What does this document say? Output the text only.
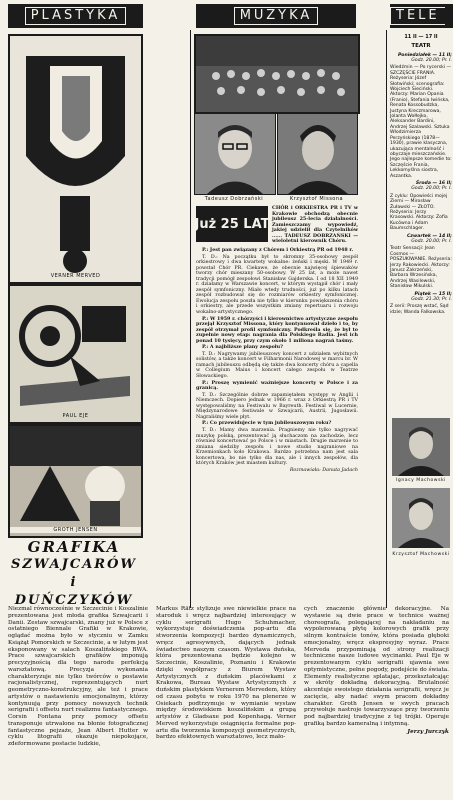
PLASTYKA	MUZYKA	TELE
VERNER MERVED
PAUL EJE
GROTH JENSEN
GRAFIKA
SZWAJCARÓW
i DUŃCZYKÓW
Tadeusz Dobrzański	Krzysztof Missona
Już 25 LAT
CHÓR i ORKIESTRA PR i TV w Krakowie obchodzą obecnie jubileusz 25-lecia działalności. Zamieszczamy wypowiedź, jakiej udzielił dla Czytelników ...... TADEUSZ DOBRZAŃSKI — wieloletni kierownik Chóru.

P.: Jest pan związany z Chórem i Orkiestrą PR od 1948 r.

T. D.: Na początku był to skromny 35-osobowy zespół orkiestrowy i dwa kwartety wokalne: żeński i męski. W 1949 r. powstał Chór PR. Ciekawe, że obecnie najwięcej śpiewaków tworzy chór mieszany 50-osobowy. W 25 lat, a może nawet tradycji pomógł zespołowi Stanisław Gajderska. I od 18 XII 1949 r. działamy w Warszawie koncert, w którym wystąpił chór i mały zespół symfoniczny. Miało wtedy trudności, już po kilku latach zespół rozbudował się do rozmiarów orkiestry symfonicznej. Ewolucja zespołu poszła nie tylko w kierunku powiększenia chóru i orkiestry, ale przede wszystkim zmiany repertuaru i rozwoju wokalno-artystycznego.

P.: W 1959 r. chórzyści i kierownictwo artystyczne zespołu przejął Krzysztof Missona, który kontynuował dzieło i to, by zespół otrzymał profil symfoniczny. Podkreśla się, że był to zupełnie nowy etap: nagrania dla Polskiego Radia. Jest ich ponad 10 tysięcy, przy czym około 1 miliona nagrań taśmy.

P.: A najbliższe plany zespołu?

T. D.: Nagrywamy jubileuszowy koncert z udziałem wybitnych solistów, a także koncert w Filharmonii Narodowej w marcu br. W ramach jubileuszu odbędą się także dwa koncerty chóru a capella w Collegium Maius i koncert całego zespołu w Teatrze Słowackiego.

P.: Proszę wymienić ważniejsze koncerty w Polsce i za granicą.

T. D.: Szczególnie dobrze zapamiętałem występy w Anglii i Niemczech. Dopiero jednak w 1966 r. wraz z Orkiestrą PR i TV występowaliśmy na Festiwalu w Bayreuth. Festiwal w Lucernie, Międzynarodowe festiwale w Szwajcarii, Austrii, Jugosławii. Nagraliśmy wiele płyt.

P.: Co przewidujecie w tym jubileuszowym roku?

T. D.: Mamy dwa marzenia. Pragniemy nie tylko nagrywać muzykę polską, prezentować ją słuchaczom na zachodzie, lecz również koncertować po Polsce i w miastach. Drugie marzenie to zmiana siedziby zespołu i nowe studio nagraniowe na Krzemionkach koło Krakowa. Bardzo potrzebna nam jest sala koncertowa, bo nie tylko dla nas, ale i innych zespołów, dla których Kraków jest miastem kultury.

Rozmawiała: Danuta Jadach

11 II — 17 II
TEATR

Poniedziałek — 11 II;

Godz. 20.00; Pr. I.

Wiedźmin — Po rycerski — SZCZĘŚCIE FRANIA. Reżyseria: Józef Słotwiński; scenografia: Wojciech Sieciński. Aktorzy: Marian Opania (Franio), Stefania Iwińska, Renata Kossobudzka, Justyna Kreczmarowa, Jolanta Wołłejko, Aleksander Bardini, Andrzej Szalawski. Sztuka Włodzimierza Perzyńskiego (1878—1930), prawie klasyczna, ukazująca mentalność i obyczaje mieszczańskie. Jego najlepsze komedie to: Szczęście Frania, Lekkomyślna siostra, Aszantka.

Środa — 16 II;

Godz. 20.00; Pr. I.

Z cyklu: Opowieści mojej Ziemi — Mirosław Żuławski — ZŁOTO. Reżyseria: Jerzy Krasowski. Aktorzy: Zofia Kucówna i Adam Baumschlager.

Czwartek — 14 II;

Godz. 20.00; Pr. I.

Teatr Sensacji: Jean Cosmos — POSZUKIWANIE. Reżyseria: Jerzy Rakowiecki. Aktorzy: Janusz Zakrzeński, Barbara Wrzesińska, Andrzej Wasilewski, Stanisław Mikulski.

Piątek — 15 II;

Godz. 21.30; Pr. I.

Z serii: Proszę wstać, Sąd idzie; Wanda Falkowska.

Ignacy Machowski
Krzysztof Machowski

Niezmal równocześnie w Szczecinie i Koszalinie prezentowana jest młoda grafika Szwajcarii i Danii. Zestaw szwajcarski, znany już w Polsce z ostatniego Biennale Grafiki w Krakowie, oglądać można było w styczniu w Zamku Książąt Pomorskich w Szczecinie, a w lutym jest eksponowany w salach Koszalińskiego BWA. Prace szwajcarskich grafików imponują precyzyjnością dla tego narodu perfekcją warsztatową. Precyzja wykonania charakteryzuje nie tylko twórców o postawie racjonalistycznej, reprezentujących nurt geometryczno-konstrukcyjny, ale też i prace artystów o nastawieniu emocjonalnym, którzy kontynuują przy pomocy nowszych technik serigrafii i offsetu nurt realizmu fantastycznego. Corsin Fontana przy pomocy offsetu transponuje utrwalone na błonie fotograficznej fantastyczne pejzaże, Jean Albert Hutter w cyklu litografii okazuje niepokojące, zdeformowane postacie ludzkie,

Markus Rätz stylizuje swe niewielkie prace na staroduk i wręcz najbardziej interesujący w cyklu serigrafii Hugo Schuhmacher, wykorzystuje doświadczenia pop-artu dla stworzenia kompozycji bardzo dynamicznych, wręcz agresywnych, dających jednak świadectwo naszym czasom. Wystawa duńska, która prezentowana będzie kolejno w Szczecinie, Koszalinie, Poznaniu i Krakowie dzięki współpracy z Biurem Wystaw Artystycznych z duńskim placówkami z Krakowa, Bureau Wystaw Artystycznych z duńskim plastykiem Vernerem Mervedem, który od czasu pobytu w roku 1970 na plenerze w Osiekach podtrzymuje w wymianie wystaw między środowiskiem koszalińskim a grupą artystów z Gladsaxe pod Kopenhagą. Verner Merved wykorzystuje osiągnięcia formalne pop-artu dla tworzenia kompozycji geometrycznych, bardzo efektownych warsztatowo, lecz mało-

cych znaczenie głównie dekoracyjne. Na wystawie są dwie prace w technice ważnej choreografa, polegającej na nakładaniu na wypolerowaną płytę kolorowych grafik przy silnym kontraście tonów, która posiada głęboki emocjonalny, wręcz ekspresyjny wyraz. Prace Merveda przypominają od strony realizacji techniczne nasze ludowe wycinanki. Paul Eje w prezentowanym cyklu serigrafii ujawnia swe optymistyczne, pełne pogody, podejście do świata. Elementy realistyczne splatając, przekształcając w skróty dokładną dekoracyjną. Brutalność akcentuje swoistego działania serigrafii, wręcz je zacięcie, aby nadać swym pracom dokładny charakter. Groth Jensen w swych pracach przywołuje nastroje towarzyszące przy tworzeniu pod najbardziej tradycyjne z tej trójki. Operuje grafiką bardzo kameralną i intymną.

Jerzy Jurczyk
